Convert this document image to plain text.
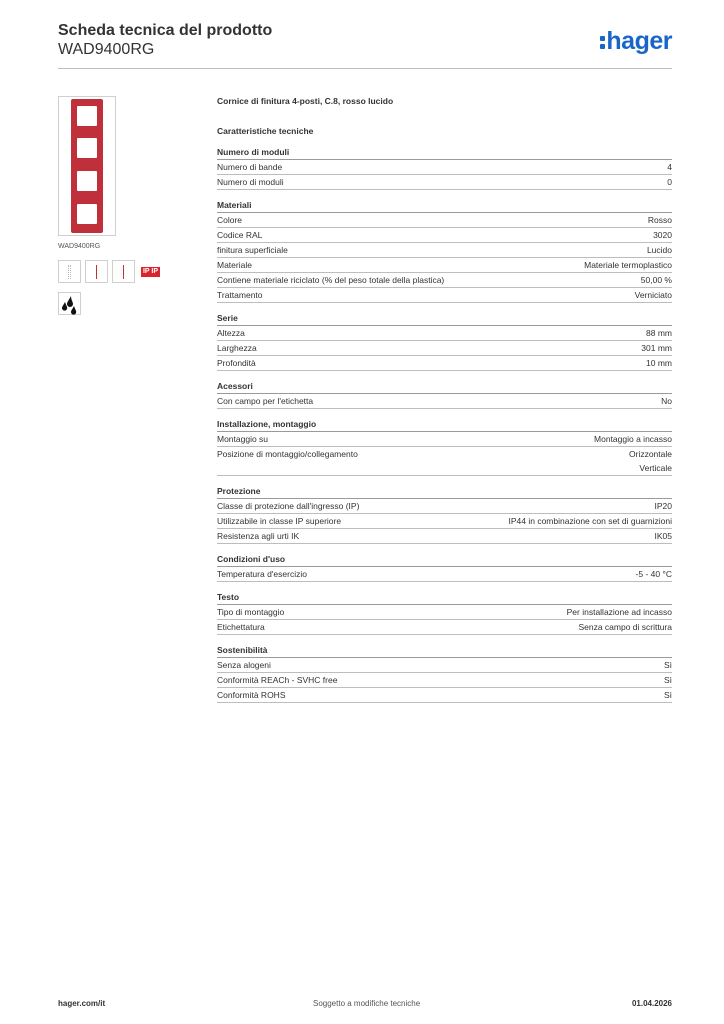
Scheda tecnica del prodotto
WAD9400RG	hager
WAD9400RG
IP IP
Cornice di finitura 4-posti, C.8, rosso lucido
Caratteristiche tecniche
Numero di moduli
Numero di bande	4
Numero di moduli	0
Materiali
Colore	Rosso
Codice RAL	3020
finitura superficiale	Lucido
Materiale	Materiale termoplastico
Contiene materiale riciclato (% del peso totale della plastica)	50,00 %
Trattamento	Verniciato
Serie
Altezza	88 mm
Larghezza	301 mm
Profondità	10 mm
Acessori
Con campo per l'etichetta	No
Installazione, montaggio
Montaggio su	Montaggio a incasso
Posizione di montaggio/collegamento	Orizzontale
Verticale
Protezione
Classe di protezione dall'ingresso (IP)	IP20
Utilizzabile in classe IP superiore	IP44 in combinazione con set di guarnizioni
Resistenza agli urti IK	IK05
Condizioni d'uso
Temperatura d'esercizio	-5 - 40 °C
Testo
Tipo di montaggio	Per installazione ad incasso
Etichettatura	Senza campo di scrittura
Sostenibilità
Senza alogeni	Sì
Conformità REACh - SVHC free	Sì
Conformità ROHS	Sì
hager.com/it	Soggetto a modifiche tecniche	01.04.2026
